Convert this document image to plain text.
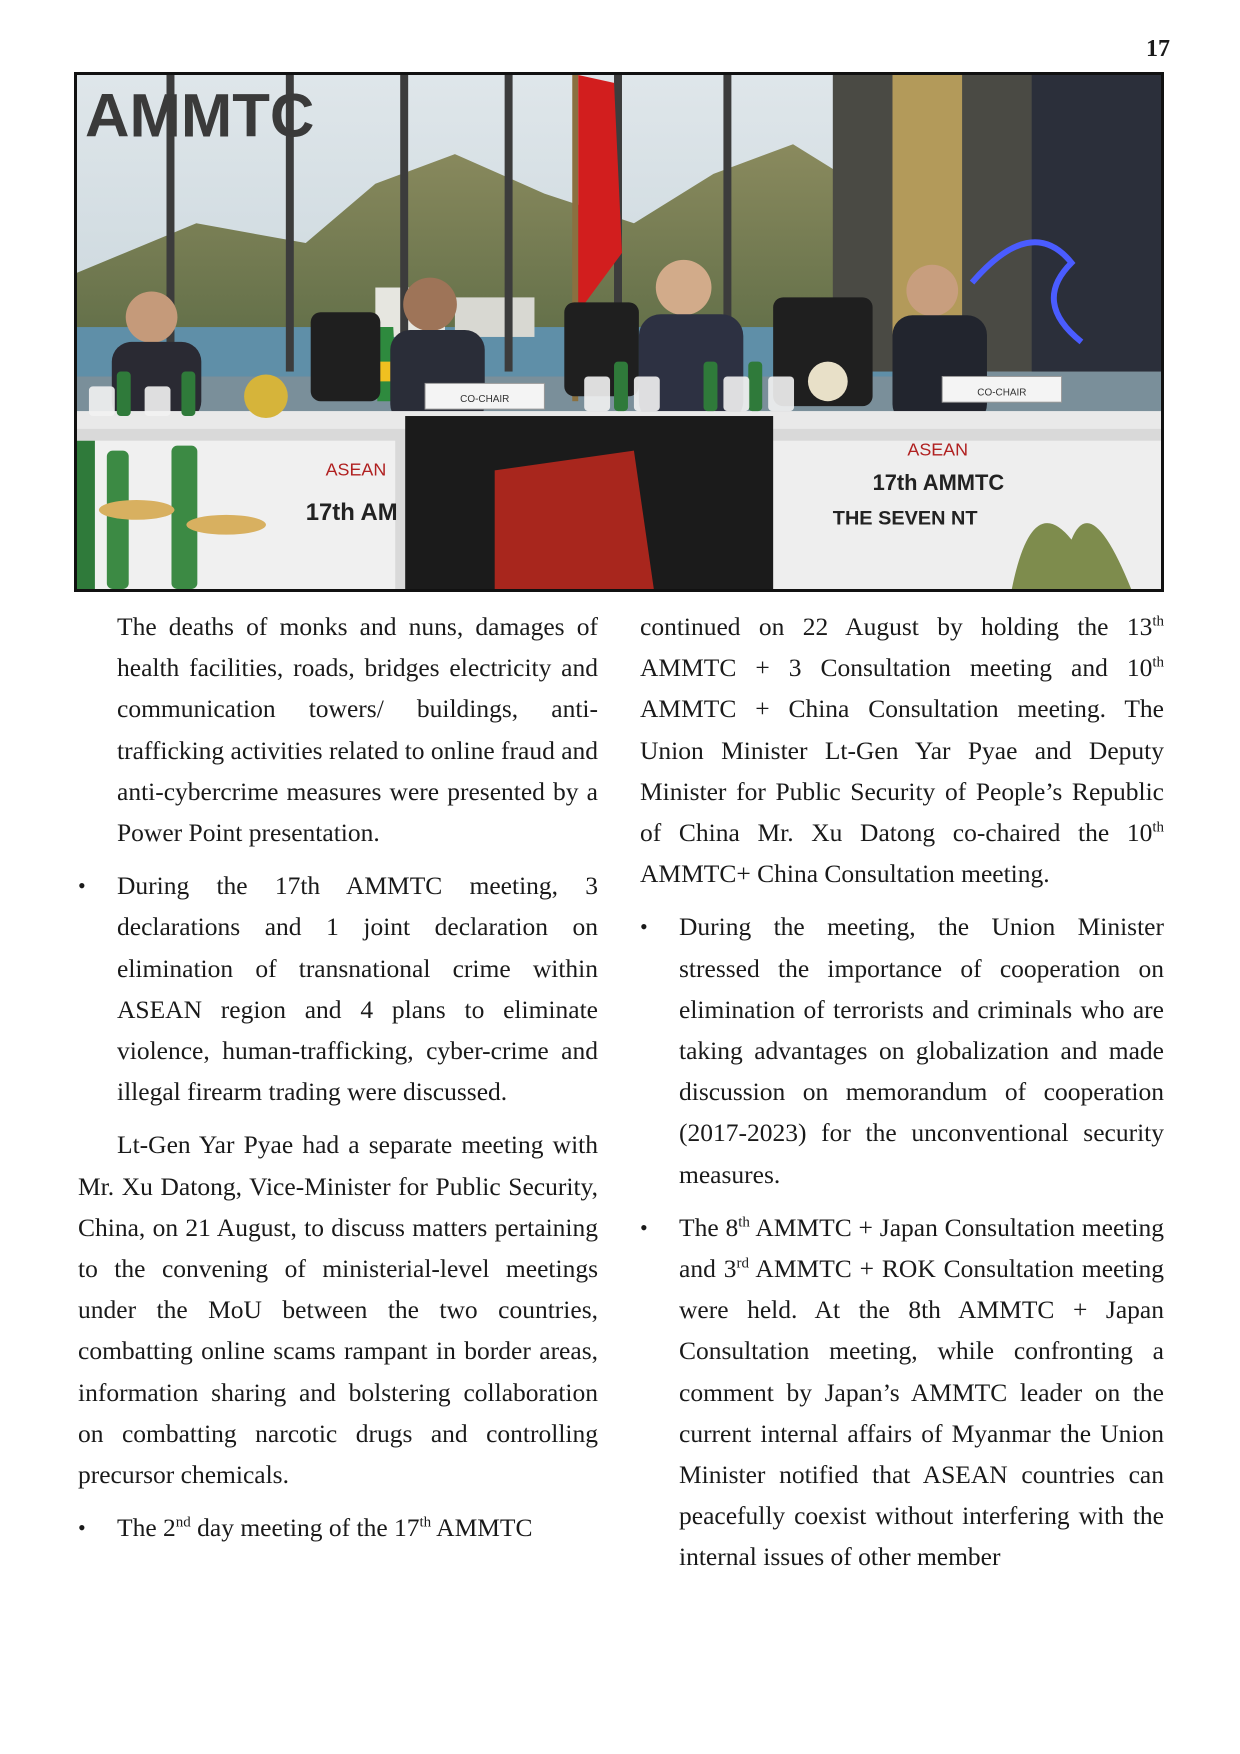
17
AMMTC
CO-CHAIR
CO-CHAIR
ASEAN
17th AM
ASEAN
17th AMMTC
THE SEVEN NT

The deaths of monks and nuns, damages of health facilities, roads, bridges electricity and communication towers/ buildings, anti-trafficking activities related to online fraud and anti-cybercrime measures were presented by a Power Point presentation.

• During the 17th AMMTC meeting, 3 declarations and 1 joint declaration on elimination of transnational crime within ASEAN region and 4 plans to eliminate violence, human-trafficking, cyber-crime and illegal firearm trading were discussed.

Lt-Gen Yar Pyae had a separate meeting with Mr. Xu Datong, Vice-Minister for Public Security, China, on 21 August, to discuss matters pertaining to the convening of ministerial-level meetings under the MoU between the two countries, combatting online scams rampant in border areas, information sharing and bolstering collaboration on combatting narcotic drugs and controlling precursor chemicals.

• The 2nd day meeting of the 17th AMMTC

continued on 22 August by holding the 13th AMMTC + 3 Consultation meeting and 10th AMMTC + China Consultation meeting. The Union Minister Lt-Gen Yar Pyae and Deputy Minister for Public Security of People’s Republic of China Mr. Xu Datong co-chaired the 10th AMMTC+ China Consultation meeting.

• During the meeting, the Union Minister stressed the importance of cooperation on elimination of terrorists and criminals who are taking advantages on globalization and made discussion on memorandum of cooperation (2017-2023) for the unconventional security measures.

• The 8th AMMTC + Japan Consultation meeting and 3rd AMMTC + ROK Consultation meeting were held. At the 8th AMMTC + Japan Consultation meeting, while confronting a comment by Japan’s AMMTC leader on the current internal affairs of Myanmar the Union Minister notified that ASEAN countries can peacefully coexist without interfering with the internal issues of other member
